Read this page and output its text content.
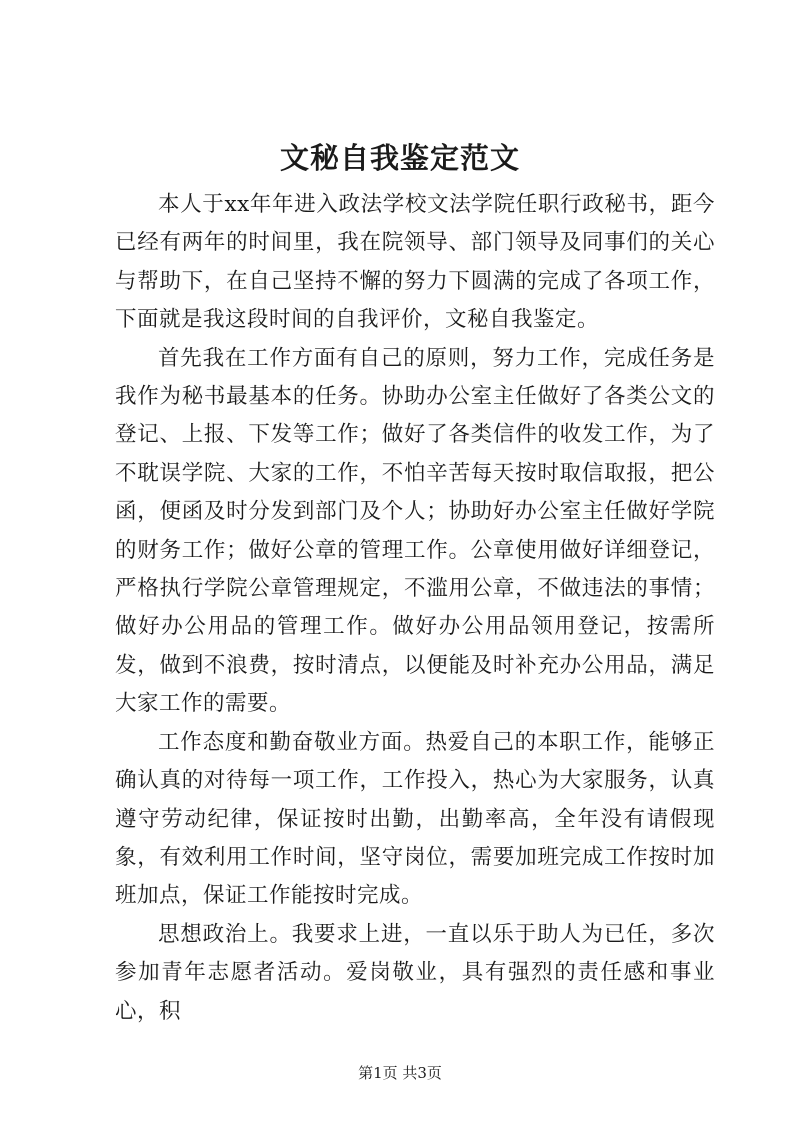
文秘自我鉴定范文

本人于xx年年进入政法学校文法学院任职行政秘书，距今已经有两年的时间里，我在院领导、部门领导及同事们的关心与帮助下，在自己坚持不懈的努力下圆满的完成了各项工作，下面就是我这段时间的自我评价，文秘自我鉴定。

首先我在工作方面有自己的原则，努力工作，完成任务是我作为秘书最基本的任务。协助办公室主任做好了各类公文的登记、上报、下发等工作；做好了各类信件的收发工作，为了不耽误学院、大家的工作，不怕辛苦每天按时取信取报，把公函，便函及时分发到部门及个人；协助好办公室主任做好学院的财务工作；做好公章的管理工作。公章使用做好详细登记，严格执行学院公章管理规定，不滥用公章，不做违法的事情；做好办公用品的管理工作。做好办公用品领用登记，按需所发，做到不浪费，按时清点，以便能及时补充办公用品，满足大家工作的需要。

工作态度和勤奋敬业方面。热爱自己的本职工作，能够正确认真的对待每一项工作，工作投入，热心为大家服务，认真遵守劳动纪律，保证按时出勤，出勤率高，全年没有请假现象，有效利用工作时间，坚守岗位，需要加班完成工作按时加班加点，保证工作能按时完成。

思想政治上。我要求上进，一直以乐于助人为已任，多次参加青年志愿者活动。爱岗敬业，具有强烈的责任感和事业心，积

第1页 共3页
